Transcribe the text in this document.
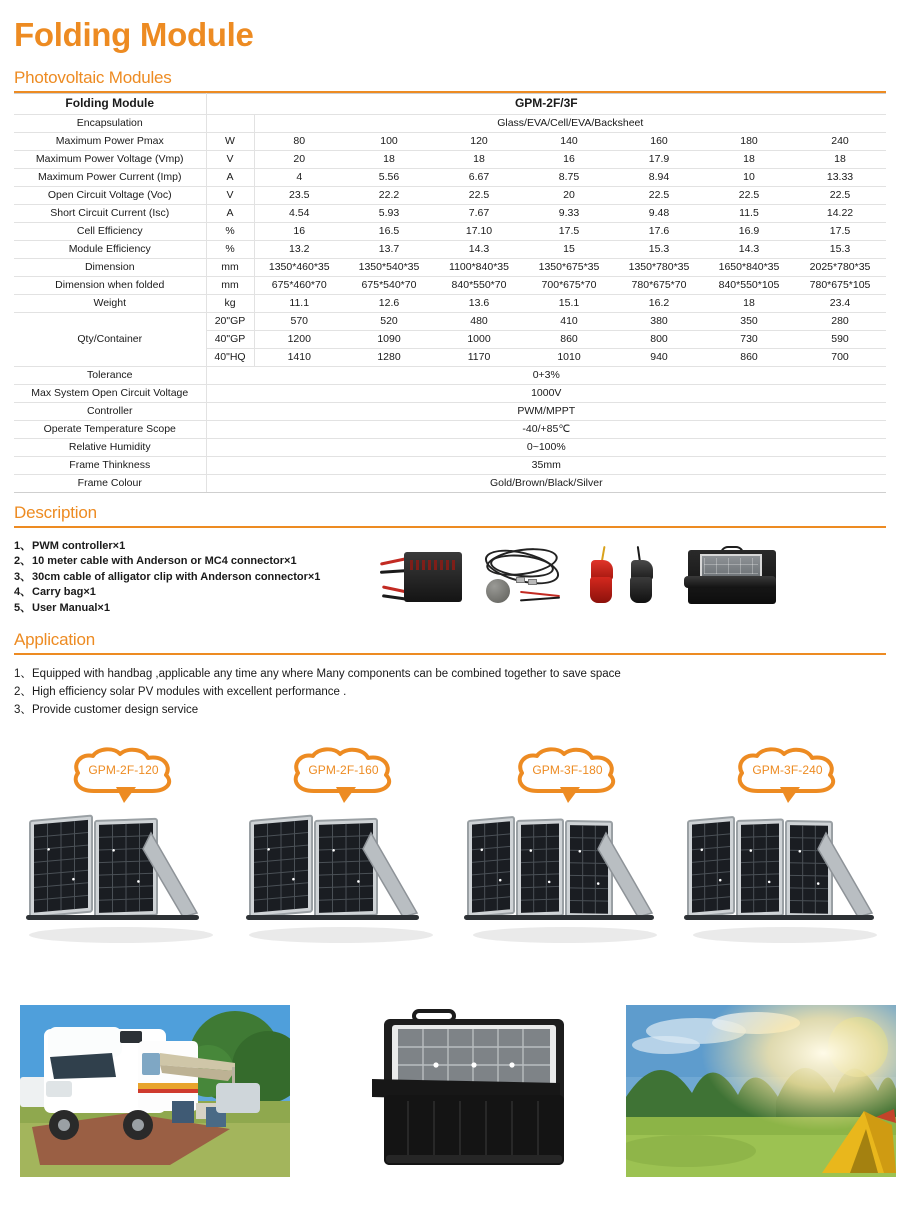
Folding Module
Photovoltaic Modules
Folding Module	GPM-2F/3F							
Encapsulation		Glass/EVA/Cell/EVA/Backsheet						
Maximum Power Pmax	W	80	100	120	140	160	180	240
Maximum Power Voltage (Vmp)	V	20	18	18	16	17.9	18	18
Maximum Power Current (Imp)	A	4	5.56	6.67	8.75	8.94	10	13.33
Open Circuit Voltage (Voc)	V	23.5	22.2	22.5	20	22.5	22.5	22.5
Short Circuit Current (Isc)	A	4.54	5.93	7.67	9.33	9.48	11.5	14.22
Cell Efficiency	%	16	16.5	17.10	17.5	17.6	16.9	17.5
Module Efficiency	%	13.2	13.7	14.3	15	15.3	14.3	15.3
Dimension	mm	1350*460*35	1350*540*35	1100*840*35	1350*675*35	1350*780*35	1650*840*35	2025*780*35
Dimension when folded	mm	675*460*70	675*540*70	840*550*70	700*675*70	780*675*70	840*550*105	780*675*105
Weight	kg	11.1	12.6	13.6	15.1	16.2	18	23.4
Qty/Container	20"GP	570	520	480	410	380	350	280
	40"GP	1200	1090	1000	860	800	730	590
	40"HQ	1410	1280	1170	1010	940	860	700
Tolerance	0+3%							
Max System Open Circuit Voltage	1000V							
Controller	PWM/MPPT							
Operate Temperature Scope	-40/+85℃							
Relative Humidity	0~100%							
Frame Thinkness	35mm							
Frame Colour	Gold/Brown/Black/Silver							
Description
1、PWM controller×1
2、10 meter cable with Anderson or MC4 connector×1
3、30cm cable of alligator clip with Anderson connector×1
4、Carry bag×1
5、User Manual×1
Application
1、Equipped with handbag ,applicable any time any where Many components can be combined together to save space
2、High efficiency solar PV modules with excellent performance .
3、Provide customer design service
GPM-2F-120	GPM-2F-160	GPM-3F-180	GPM-3F-240
